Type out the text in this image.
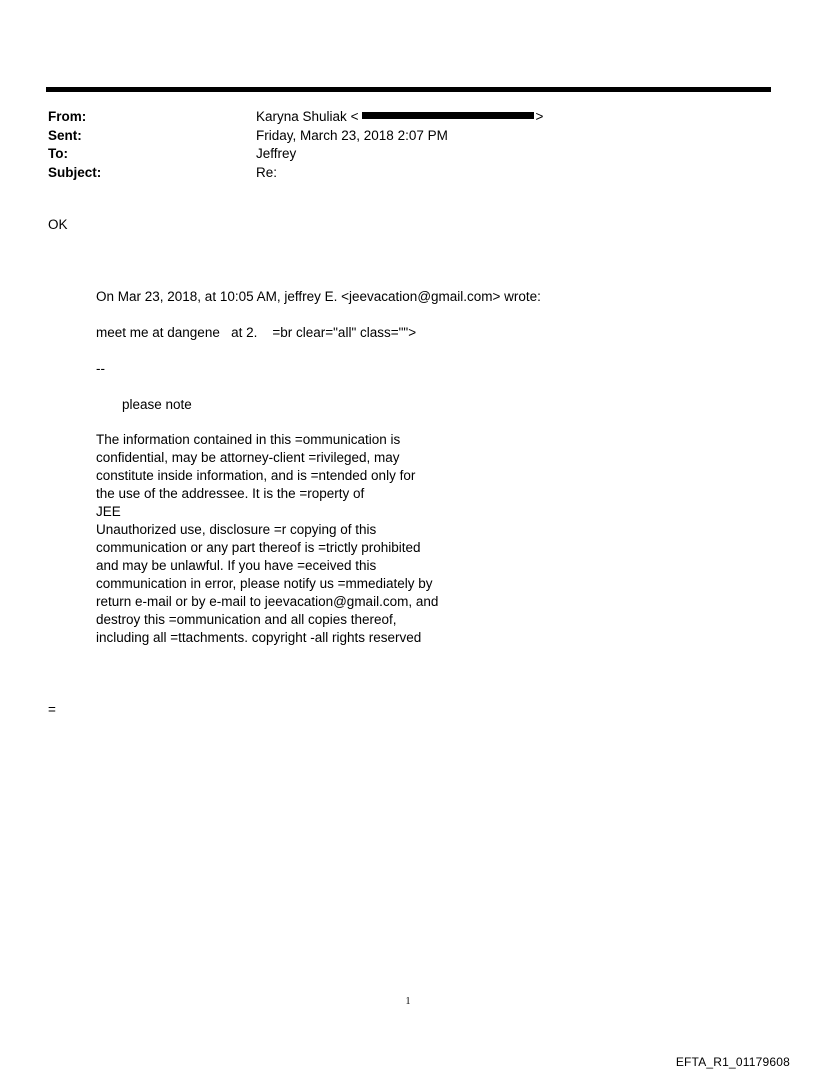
From:	Karyna Shuliak <	>
Sent:	Friday, March 23, 2018 2:07 PM
To:	Jeffrey
Subject:	Re:
OK
On Mar 23, 2018, at 10:05 AM, jeffrey E. <jeevacation@gmail.com> wrote:
meet me at dangene   at 2.    =br clear="all" class="">
--
please note
The information contained in this =ommunication is
confidential, may be attorney-client =rivileged, may
constitute inside information, and is =ntended only for
the use of the addressee. It is the =roperty of
JEE
Unauthorized use, disclosure =r copying of this
communication or any part thereof is =trictly prohibited
and may be unlawful. If you have =eceived this
communication in error, please notify us =mmediately by
return e-mail or by e-mail to jeevacation@gmail.com, and
destroy this =ommunication and all copies thereof,
including all =ttachments. copyright -all rights reserved
=
1
EFTA_R1_01179608
